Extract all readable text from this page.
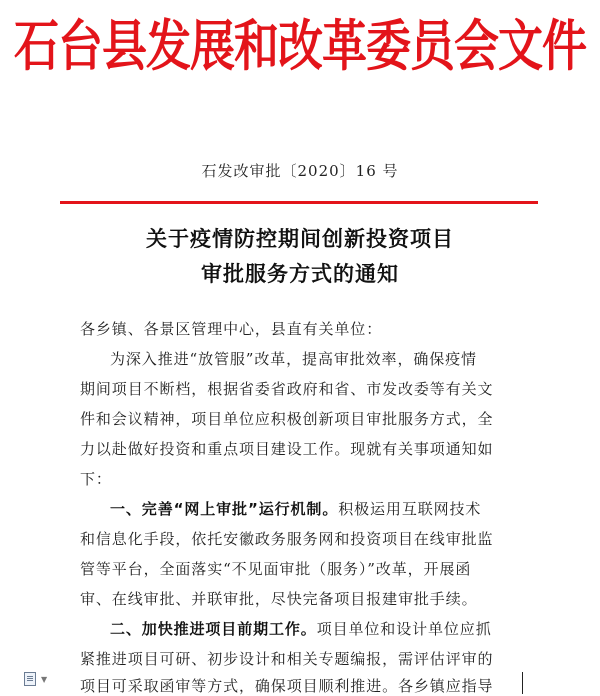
石台县发展和改革委员会文件
石发改审批〔2020〕16 号
关于疫情防控期间创新投资项目
审批服务方式的通知
各乡镇、各景区管理中心，县直有关单位：
为深入推进“放管服”改革，提高审批效率，确保疫情
期间项目不断档，根据省委省政府和省、市发改委等有关文
件和会议精神，项目单位应积极创新项目审批服务方式，全
力以赴做好投资和重点项目建设工作。现就有关事项通知如
下：
一、完善“网上审批”运行机制。积极运用互联网技术
和信息化手段，依托安徽政务服务网和投资项目在线审批监
管等平台，全面落实“不见面审批（服务）”改革，开展函
审、在线审批、并联审批，尽快完备项目报建审批手续。
二、加快推进项目前期工作。项目单位和设计单位应抓
紧推进项目可研、初步设计和相关专题编报，需评估评审的
项目可采取函审等方式，确保项目顺利推进。各乡镇应指导
▼
